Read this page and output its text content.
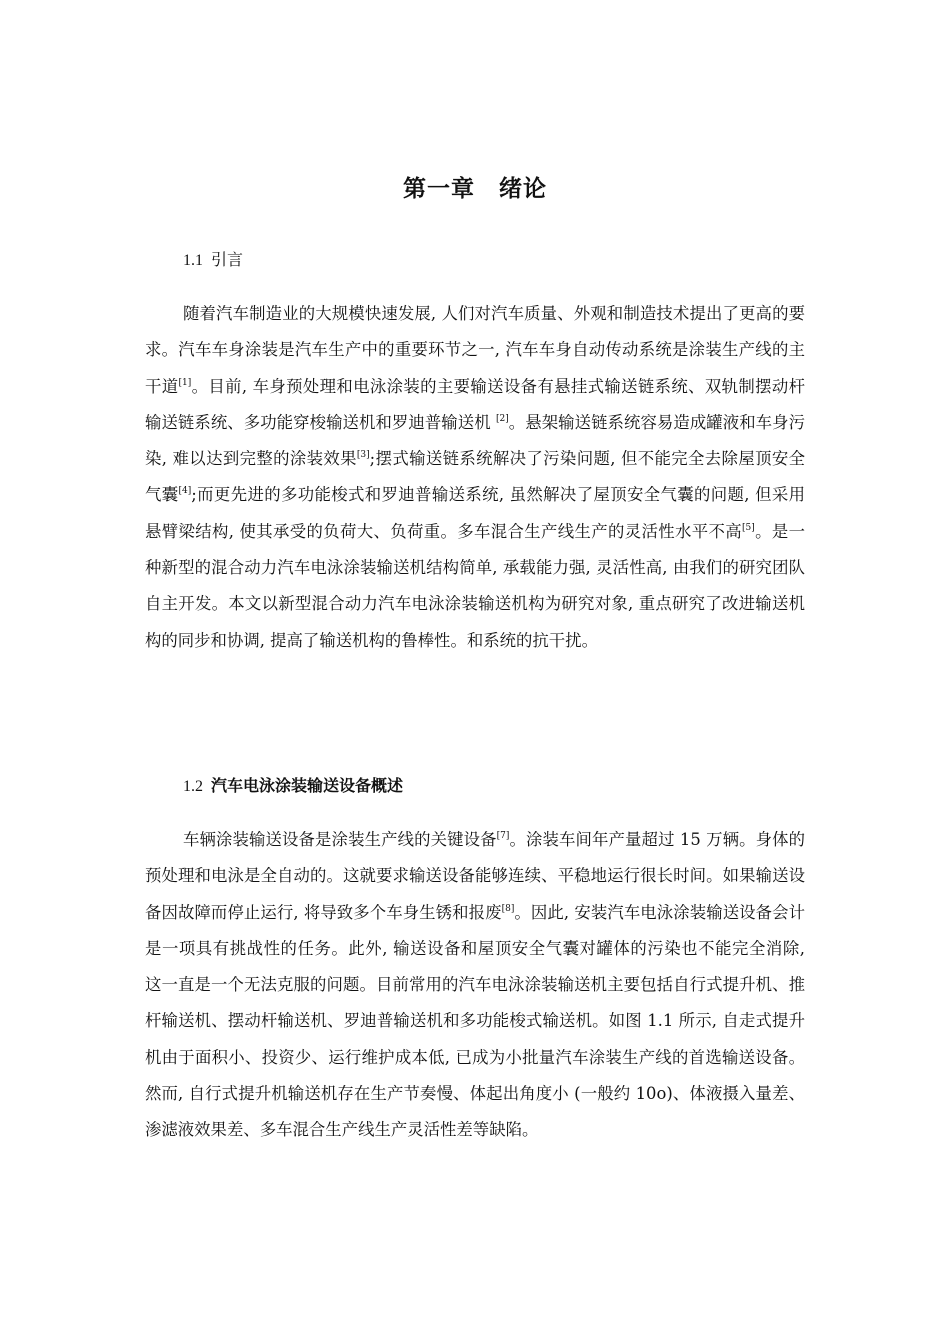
第一章　绪论
1.1 引言
随着汽车制造业的大规模快速发展, 人们对汽车质量、外观和制造技术提出了更高的要求。汽车车身涂装是汽车生产中的重要环节之一, 汽车车身自动传动系统是涂装生产线的主干道[1]。目前, 车身预处理和电泳涂装的主要输送设备有悬挂式输送链系统、双轨制摆动杆输送链系统、多功能穿梭输送机和罗迪普输送机 [2]。悬架输送链系统容易造成罐液和车身污染, 难以达到完整的涂装效果[3];摆式输送链系统解决了污染问题, 但不能完全去除屋顶安全气囊[4];而更先进的多功能梭式和罗迪普输送系统, 虽然解决了屋顶安全气囊的问题, 但采用悬臂梁结构, 使其承受的负荷大、负荷重。多车混合生产线生产的灵活性水平不高[5]。是一种新型的混合动力汽车电泳涂装输送机结构简单, 承载能力强, 灵活性高, 由我们的研究团队自主开发。本文以新型混合动力汽车电泳涂装输送机构为研究对象, 重点研究了改进输送机构的同步和协调, 提高了输送机构的鲁棒性。和系统的抗干扰。
1.2 汽车电泳涂装输送设备概述
车辆涂装输送设备是涂装生产线的关键设备[7]。涂装车间年产量超过 15 万辆。身体的预处理和电泳是全自动的。这就要求输送设备能够连续、平稳地运行很长时间。如果输送设备因故障而停止运行, 将导致多个车身生锈和报废[8]。因此, 安装汽车电泳涂装输送设备会计是一项具有挑战性的任务。此外, 输送设备和屋顶安全气囊对罐体的污染也不能完全消除, 这一直是一个无法克服的问题。目前常用的汽车电泳涂装输送机主要包括自行式提升机、推杆输送机、摆动杆输送机、罗迪普输送机和多功能梭式输送机。如图 1.1 所示, 自走式提升机由于面积小、投资少、运行维护成本低, 已成为小批量汽车涂装生产线的首选输送设备。然而, 自行式提升机输送机存在生产节奏慢、体起出角度小 (一般约 10o)、体液摄入量差、渗滤液效果差、多车混合生产线生产灵活性差等缺陷。
